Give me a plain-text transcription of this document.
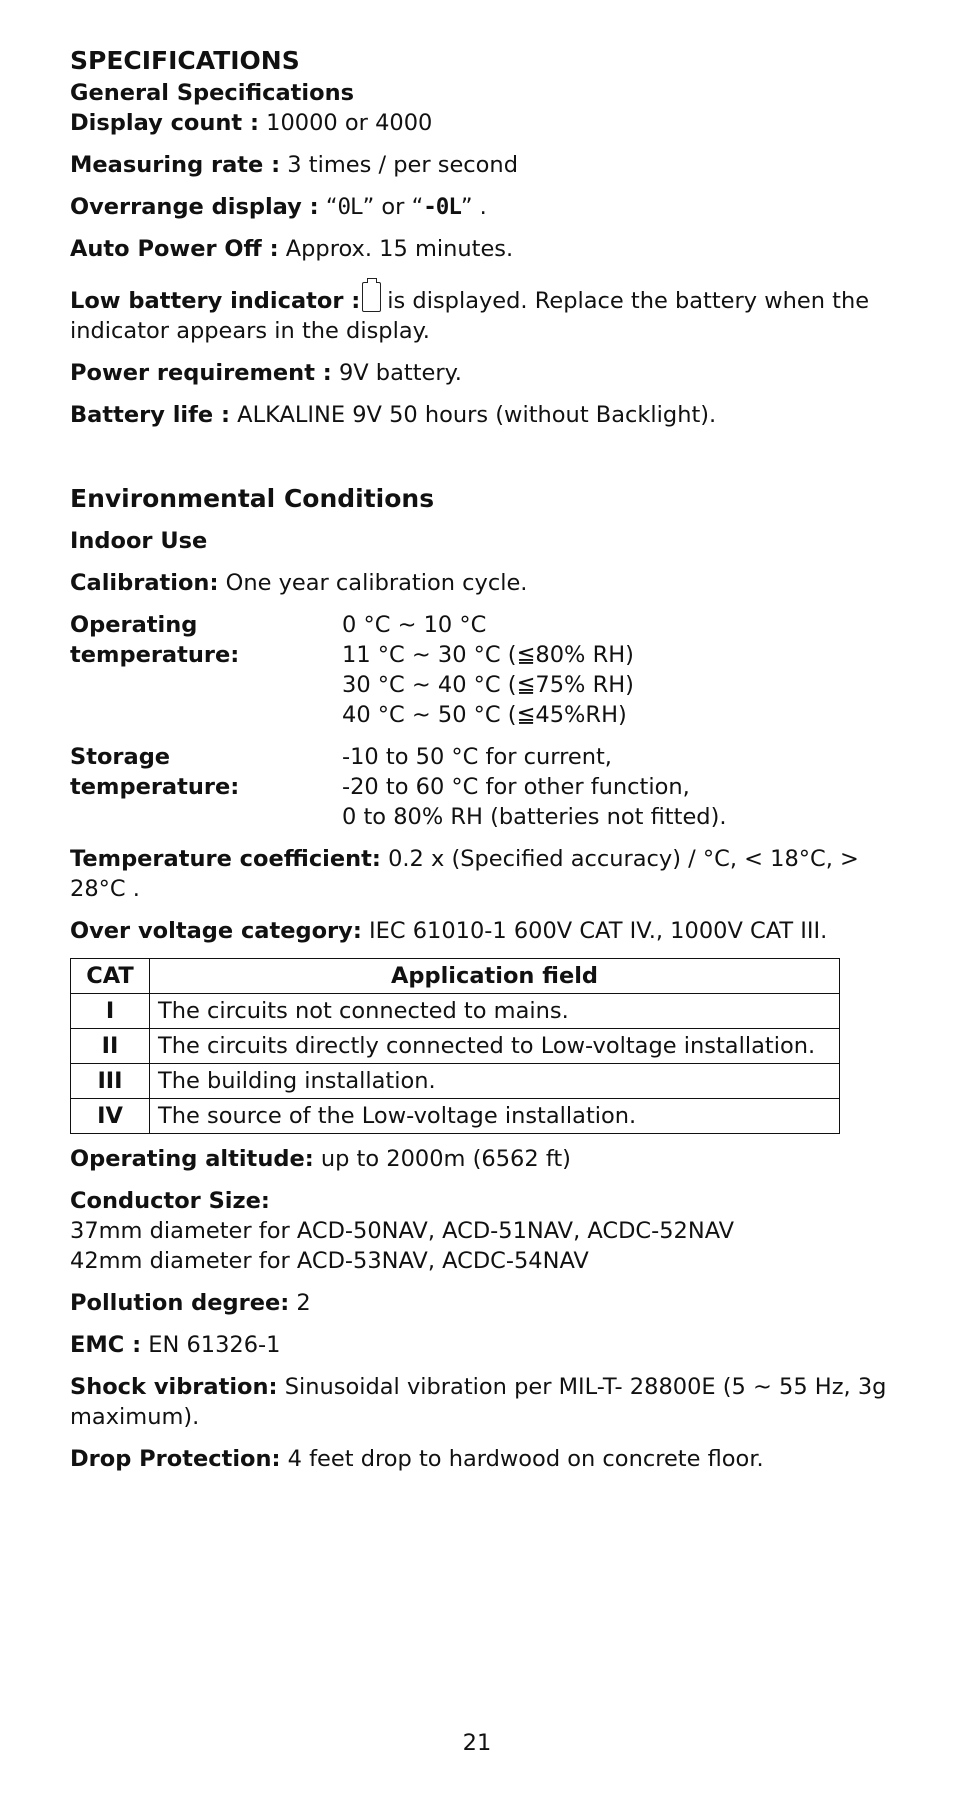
SPECIFICATIONS
General Specifications
Display count : 10000 or 4000
Measuring rate : 3 times / per second
Overrange display : “0L” or “-0L” .
Auto Power Off : Approx. 15 minutes.
Low battery indicator : is displayed. Replace the battery when the indicator appears in the display.
Power requirement : 9V battery.
Battery life : ALKALINE 9V 50 hours (without Backlight).
Environmental Conditions
Indoor Use
Calibration: One year calibration cycle.
Operating temperature:
0 °C ~ 10 °C
11 °C ~ 30 °C (≦80% RH)
30 °C ~ 40 °C (≦75% RH)
40 °C ~ 50 °C (≦45%RH)
Storage temperature:
-10 to 50 °C for current,
-20 to 60 °C for other function,
0 to 80% RH (batteries not fitted).
Temperature coefficient: 0.2 x (Specified accuracy) / °C, < 18°C, > 28°C .
Over voltage category: IEC 61010-1 600V CAT IV., 1000V CAT III.
CAT	Application field
I	The circuits not connected to mains.
II	The circuits directly connected to Low-voltage installation.
III	The building installation.
IV	The source of the Low-voltage installation.
Operating altitude: up to 2000m (6562 ft)
Conductor Size:
37mm diameter for ACD-50NAV, ACD-51NAV, ACDC-52NAV
42mm diameter for ACD-53NAV, ACDC-54NAV
Pollution degree: 2
EMC : EN 61326-1
Shock vibration: Sinusoidal vibration per MIL-T- 28800E (5 ~ 55 Hz, 3g maximum).
Drop Protection: 4 feet drop to hardwood on concrete floor.
21
